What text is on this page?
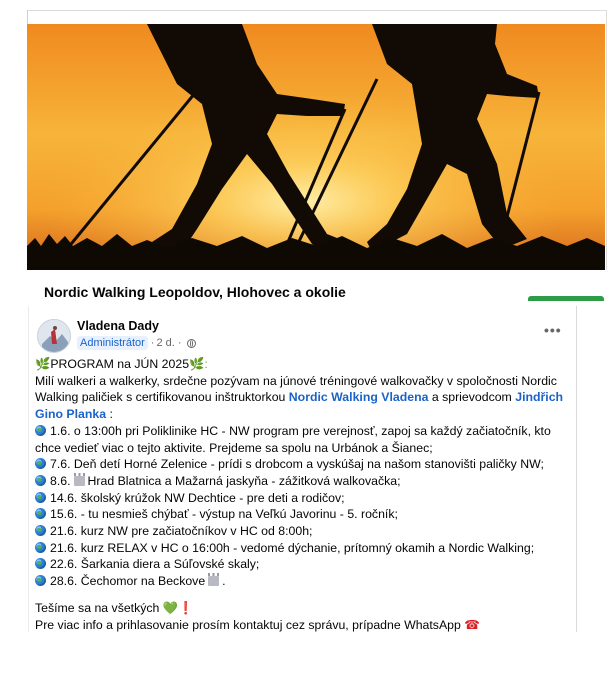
Nordic Walking Leopoldov, Hlohovec a okolie
Vladena Dady
Administrátor · 2 d. ·
•••
🌿PROGRAM na JÚN 2025🌿:
Milí walkeri a walkerky, srdečne pozývam na júnové tréningové walkovačky v spoločnosti Nordic
Walking paličiek s certifikovanou inštruktorkou Nordic Walking Vladena a sprievodcom Jindřich
Gino Planka :
1.6. o 13:00h pri Poliklinike HC - NW program pre verejnosť, zapoj sa každý začiatočník, kto
chce vedieť viac o tejto aktivite. Prejdeme sa spolu na Urbánok a Šianec;
7.6. Deň detí Horné Zelenice - prídi s drobcom a vyskúšaj na našom stanovišti paličky NW;
8.6. Hrad Blatnica a Mažarná jaskyňa - zážitková walkovačka;
14.6. školský krúžok NW Dechtice - pre deti a rodičov;
15.6. - tu nesmieš chýbať - výstup na Veľkú Javorinu - 5. ročník;
21.6. kurz NW pre začiatočníkov v HC od 8:00h;
21.6. kurz RELAX v HC o 16:00h - vedomé dýchanie, prítomný okamih a Nordic Walking;
22.6. Šarkania diera a Súľovské skaly;
28.6. Čechomor na Beckove .
Tešíme sa na všetkých 💚❗
Pre viac info a prihlasovanie prosím kontaktuj cez správu, prípadne WhatsApp ☎
